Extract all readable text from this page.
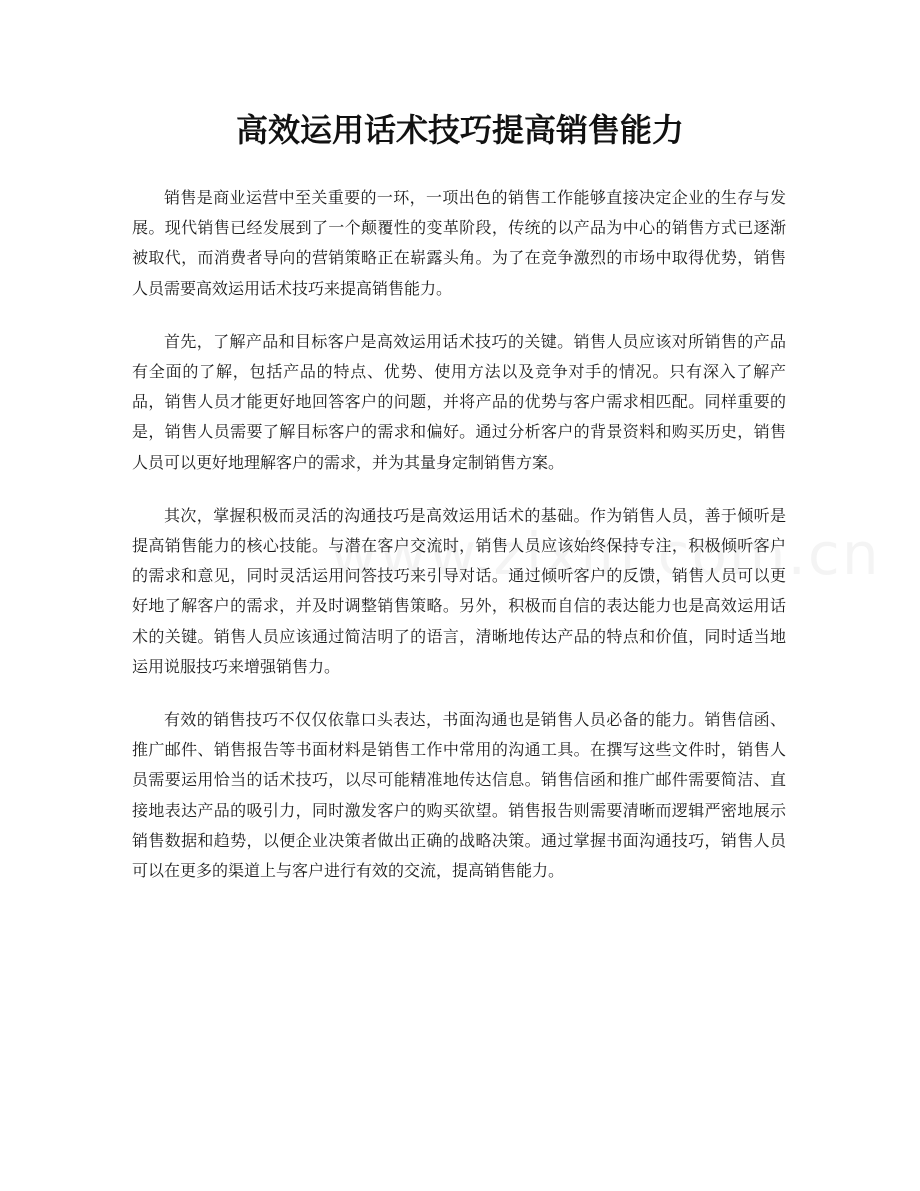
高效运用话术技巧提高销售能力

销售是商业运营中至关重要的一环，一项出色的销售工作能够直接决定企业的生存与发展。现代销售已经发展到了一个颠覆性的变革阶段，传统的以产品为中心的销售方式已逐渐被取代，而消费者导向的营销策略正在崭露头角。为了在竞争激烈的市场中取得优势，销售人员需要高效运用话术技巧来提高销售能力。

首先，了解产品和目标客户是高效运用话术技巧的关键。销售人员应该对所销售的产品有全面的了解，包括产品的特点、优势、使用方法以及竞争对手的情况。只有深入了解产品，销售人员才能更好地回答客户的问题，并将产品的优势与客户需求相匹配。同样重要的是，销售人员需要了解目标客户的需求和偏好。通过分析客户的背景资料和购买历史，销售人员可以更好地理解客户的需求，并为其量身定制销售方案。

其次，掌握积极而灵活的沟通技巧是高效运用话术的基础。作为销售人员，善于倾听是提高销售能力的核心技能。与潜在客户交流时，销售人员应该始终保持专注，积极倾听客户的需求和意见，同时灵活运用问答技巧来引导对话。通过倾听客户的反馈，销售人员可以更好地了解客户的需求，并及时调整销售策略。另外，积极而自信的表达能力也是高效运用话术的关键。销售人员应该通过简洁明了的语言，清晰地传达产品的特点和价值，同时适当地运用说服技巧来增强销售力。

有效的销售技巧不仅仅依靠口头表达，书面沟通也是销售人员必备的能力。销售信函、推广邮件、销售报告等书面材料是销售工作中常用的沟通工具。在撰写这些文件时，销售人员需要运用恰当的话术技巧，以尽可能精准地传达信息。销售信函和推广邮件需要简洁、直接地表达产品的吸引力，同时激发客户的购买欲望。销售报告则需要清晰而逻辑严密地展示销售数据和趋势，以便企业决策者做出正确的战略决策。通过掌握书面沟通技巧，销售人员可以在更多的渠道上与客户进行有效的交流，提高销售能力。
